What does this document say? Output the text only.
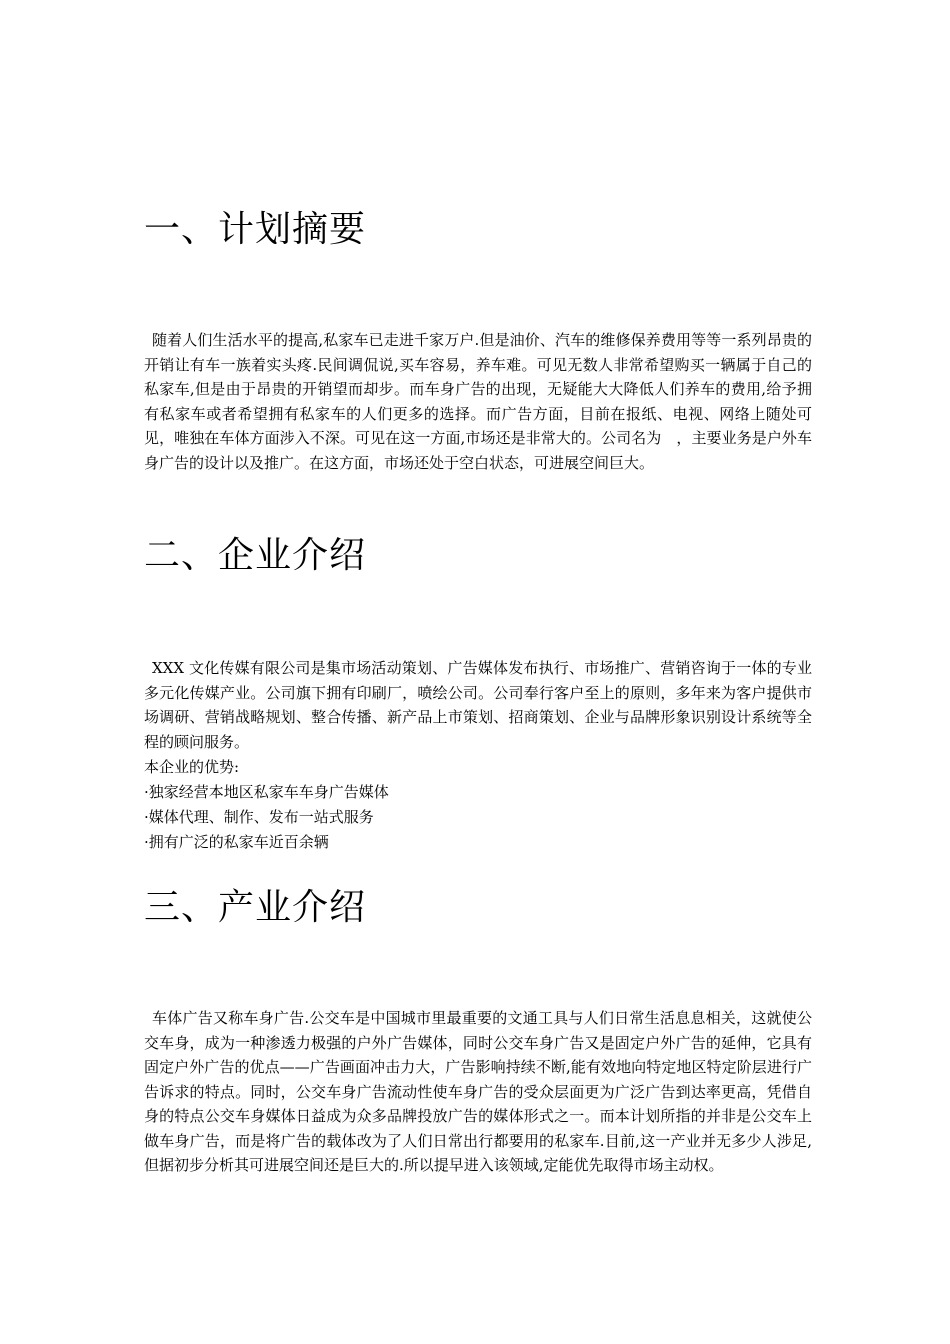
一、计划摘要

随着人们生活水平的提高,私家车已走进千家万户.但是油价、汽车的维修保养费用等等一系列昂贵的开销让有车一族着实头疼.民间调侃说,买车容易，养车难。可见无数人非常希望购买一辆属于自己的私家车,但是由于昂贵的开销望而却步。而车身广告的出现，无疑能大大降低人们养车的费用,给予拥有私家车或者希望拥有私家车的人们更多的选择。而广告方面，目前在报纸、电视、网络上随处可见，唯独在车体方面涉入不深。可见在这一方面,市场还是非常大的。公司名为　，主要业务是户外车身广告的设计以及推广。在这方面，市场还处于空白状态，可进展空间巨大。

二、企业介绍

XXX 文化传媒有限公司是集市场活动策划、广告媒体发布执行、市场推广、营销咨询于一体的专业多元化传媒产业。公司旗下拥有印刷厂，喷绘公司。公司奉行客户至上的原则，多年来为客户提供市场调研、营销战略规划、整合传播、新产品上市策划、招商策划、企业与品牌形象识别设计系统等全程的顾问服务。

本企业的优势:

·独家经营本地区私家车车身广告媒体

·媒体代理、制作、发布一站式服务

·拥有广泛的私家车近百余辆

三、产业介绍

车体广告又称车身广告.公交车是中国城市里最重要的文通工具与人们日常生活息息相关，这就使公交车身，成为一种渗透力极强的户外广告媒体，同时公交车身广告又是固定户外广告的延伸，它具有固定户外广告的优点——广告画面冲击力大，广告影响持续不断,能有效地向特定地区特定阶层进行广告诉求的特点。同时，公交车身广告流动性使车身广告的受众层面更为广泛广告到达率更高，凭借自身的特点公交车身媒体日益成为众多品牌投放广告的媒体形式之一。而本计划所指的并非是公交车上做车身广告，而是将广告的载体改为了人们日常出行都要用的私家车.目前,这一产业并无多少人涉足,但据初步分析其可进展空间还是巨大的.所以提早进入该领域,定能优先取得市场主动权。
